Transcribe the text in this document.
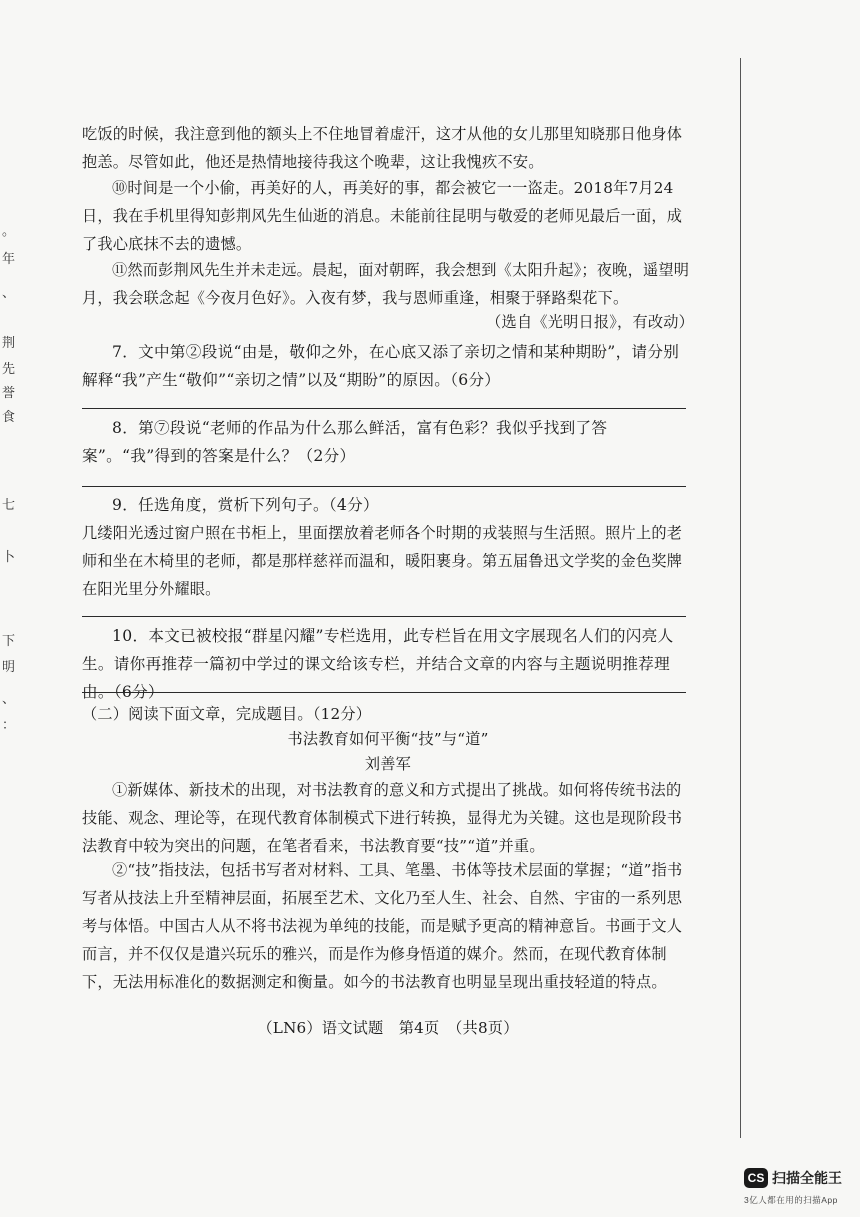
。
年
、
荆
先
誉
食
七
卜
下
明
、
：
吃饭的时候，我注意到他的额头上不住地冒着虚汗，这才从他的女儿那里知晓那日他身体抱恙。尽管如此，他还是热情地接待我这个晚辈，这让我愧疚不安。
⑩时间是一个小偷，再美好的人，再美好的事，都会被它一一盗走。2018年7月24日，我在手机里得知彭荆风先生仙逝的消息。未能前往昆明与敬爱的老师见最后一面，成了我心底抹不去的遗憾。
⑪然而彭荆风先生并未走远。晨起，面对朝晖，我会想到《太阳升起》；夜晚，遥望明月，我会联念起《今夜月色好》。入夜有梦，我与恩师重逢，相聚于驿路梨花下。
（选自《光明日报》，有改动）
7．文中第②段说“由是，敬仰之外，在心底又添了亲切之情和某种期盼”，请分别解释“我”产生“敬仰”“亲切之情”以及“期盼”的原因。（6分）
8．第⑦段说“老师的作品为什么那么鲜活，富有色彩？我似乎找到了答案”。“我”得到的答案是什么？（2分）
9．任选角度，赏析下列句子。（4分）
几缕阳光透过窗户照在书柜上，里面摆放着老师各个时期的戎装照与生活照。照片上的老师和坐在木椅里的老师，都是那样慈祥而温和，暖阳裹身。第五届鲁迅文学奖的金色奖牌在阳光里分外耀眼。
10．本文已被校报“群星闪耀”专栏选用，此专栏旨在用文字展现名人们的闪亮人生。请你再推荐一篇初中学过的课文给该专栏，并结合文章的内容与主题说明推荐理由。（6分）
（二）阅读下面文章，完成题目。（12分）
书法教育如何平衡“技”与“道”
刘善军
①新媒体、新技术的出现，对书法教育的意义和方式提出了挑战。如何将传统书法的技能、观念、理论等，在现代教育体制模式下进行转换，显得尤为关键。这也是现阶段书法教育中较为突出的问题，在笔者看来，书法教育要“技”“道”并重。
②“技”指技法，包括书写者对材料、工具、笔墨、书体等技术层面的掌握；“道”指书写者从技法上升至精神层面，拓展至艺术、文化乃至人生、社会、自然、宇宙的一系列思考与体悟。中国古人从不将书法视为单纯的技能，而是赋予更高的精神意旨。书画于文人而言，并不仅仅是遣兴玩乐的雅兴，而是作为修身悟道的媒介。然而，在现代教育体制下，无法用标准化的数据测定和衡量。如今的书法教育也明显呈现出重技轻道的特点。
（LN6）语文试题　第4页　（共8页）
CS 扫描全能王
3亿人都在用的扫描App
